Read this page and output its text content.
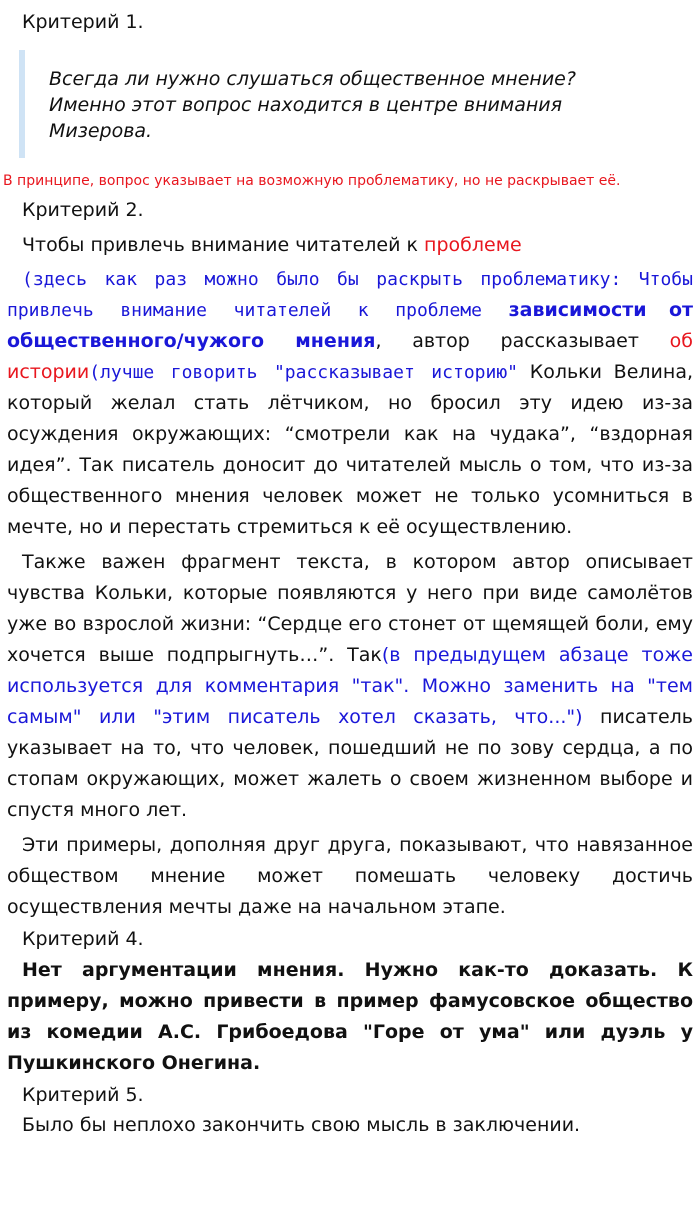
Критерий 1.

Всегда ли нужно слушаться общественное мнение?
Именно этот вопрос находится в центре внимания
Мизерова.
В принципе, вопрос указывает на возможную проблематику, но не раскрывает её.

Критерий 2.

Чтобы привлечь внимание читателей к проблеме

(здесь как раз можно было бы раскрыть проблематику: Чтобы привлечь внимание читателей к проблеме зависимости от общественного/чужого мнения, автор рассказывает об истории(лучше говорить "рассказывает историю" Кольки Велина, который желал стать лётчиком, но бросил эту идею из-за осуждения окружающих: “смотрели как на чудака”, “вздорная идея”. Так писатель доносит до читателей мысль о том, что из-за общественного мнения человек может не только усомниться в мечте, но и перестать стремиться к её осуществлению.

Также важен фрагмент текста, в котором автор описывает чувства Кольки, которые появляются у него при виде самолётов уже во взрослой жизни: “Сердце его стонет от щемящей боли, ему хочется выше подпрыгнуть…”. Так(в предыдущем абзаце тоже используется для комментария "так". Можно заменить на "тем самым" или "этим писатель хотел сказать, что...") писатель указывает на то, что человек, пошедший не по зову сердца, а по стопам окружающих, может жалеть о своем жизненном выборе и спустя много лет.

Эти примеры, дополняя друг друга, показывают, что навязанное обществом мнение может помешать человеку достичь осуществления мечты даже на начальном этапе.

Критерий 4.

Нет аргументации мнения. Нужно как-то доказать. К примеру, можно привести в пример фамусовское общество из комедии А.С. Грибоедова "Горе от ума" или дуэль у Пушкинского Онегина.

Критерий 5.

Было бы неплохо закончить свою мысль в заключении.
